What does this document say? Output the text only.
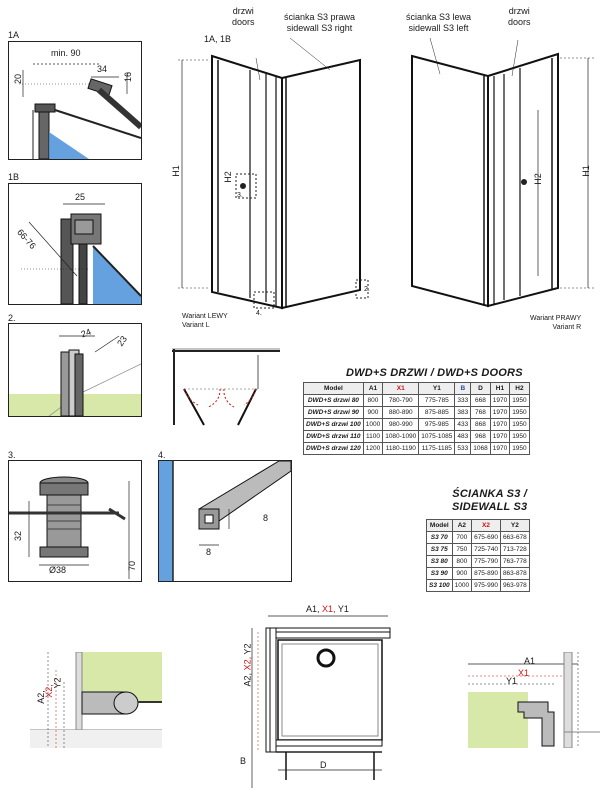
1A
min. 90
34
20	16
1B
25
66-76
2.
24
23
3.
32
Ø38	70
4.
8
8
drzwi
doors	ścianka S3 prawa
sidewall S3 right
1A, 1B
H1
H2
3.
4.
2.
Wariant LEWY
Variant L
ścianka S3 lewa
sidewall S3 left
drzwi
doors
H2
H1
Wariant PRAWY
Variant R
DWD+S DRZWI / DWD+S DOORS
Model	A1	X1	Y1	B	D	H1	H2
DWD+S drzwi 80	800	780-790	775-785	333	668	1970	1950
DWD+S drzwi 90	900	880-890	875-885	383	768	1970	1950
DWD+S drzwi 100	1000	980-990	975-985	433	868	1970	1950
DWD+S drzwi 110	1100	1080-1090	1075-1085	483	968	1970	1950
DWD+S drzwi 120	1200	1180-1190	1175-1185	533	1068	1970	1950
ŚCIANKA S3 /
SIDEWALL S3
Model	A2	X2	Y2
S3 70	700	675-690	663-678
S3 75	750	725-740	713-728
S3 80	800	775-790	763-778
S3 90	900	875-890	863-878
S3 100	1000	975-990	963-978
A2,
X2,
Y2
A1, X1, Y1
A2, X2, Y2
B	D
A1
X1
Y1
